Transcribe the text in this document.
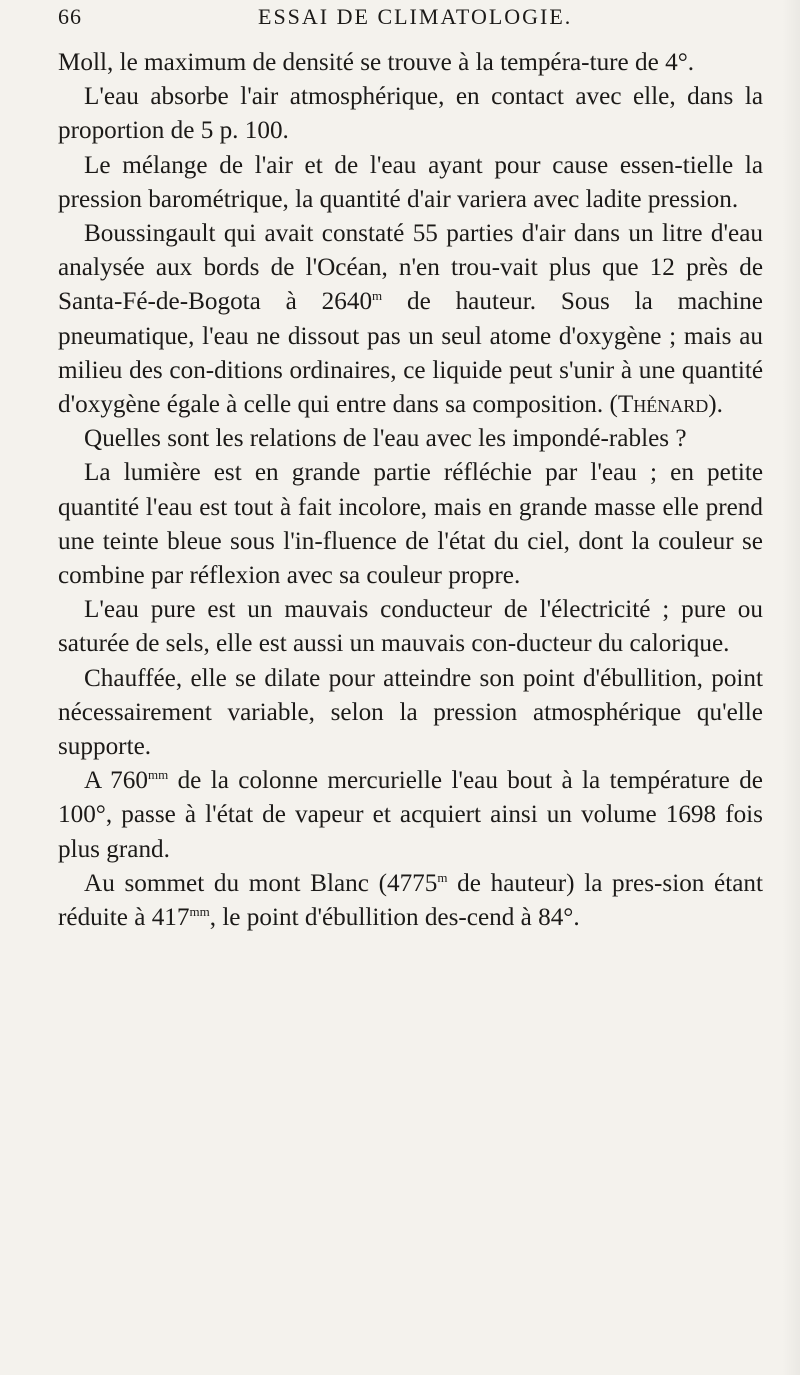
66	ESSAI DE CLIMATOLOGIE.

Moll, le maximum de densité se trouve à la tempéra-ture de 4°.

L'eau absorbe l'air atmosphérique, en contact avec elle, dans la proportion de 5 p. 100.

Le mélange de l'air et de l'eau ayant pour cause essen-tielle la pression barométrique, la quantité d'air variera avec ladite pression.

Boussingault qui avait constaté 55 parties d'air dans un litre d'eau analysée aux bords de l'Océan, n'en trou-vait plus que 12 près de Santa-Fé-de-Bogota à 2640$^m$ de hauteur. Sous la machine pneumatique, l'eau ne dissout pas un seul atome d'oxygène ; mais au milieu des con-ditions ordinaires, ce liquide peut s'unir à une quantité d'oxygène égale à celle qui entre dans sa composition. (Thénard).

Quelles sont les relations de l'eau avec les impondé-rables ?

La lumière est en grande partie réfléchie par l'eau ; en petite quantité l'eau est tout à fait incolore, mais en grande masse elle prend une teinte bleue sous l'in-fluence de l'état du ciel, dont la couleur se combine par réflexion avec sa couleur propre.

L'eau pure est un mauvais conducteur de l'électricité ; pure ou saturée de sels, elle est aussi un mauvais con-ducteur du calorique.

Chauffée, elle se dilate pour atteindre son point d'ébullition, point nécessairement variable, selon la pression atmosphérique qu'elle supporte.

A $760^{mm}$ de la colonne mercurielle l'eau bout à la température de 100°, passe à l'état de vapeur et acquiert ainsi un volume 1698 fois plus grand.

Au sommet du mont Blanc (4775$^m$ de hauteur) la pres-sion étant réduite à $417^{mm}$, le point d'ébullition des-cend à 84°.
